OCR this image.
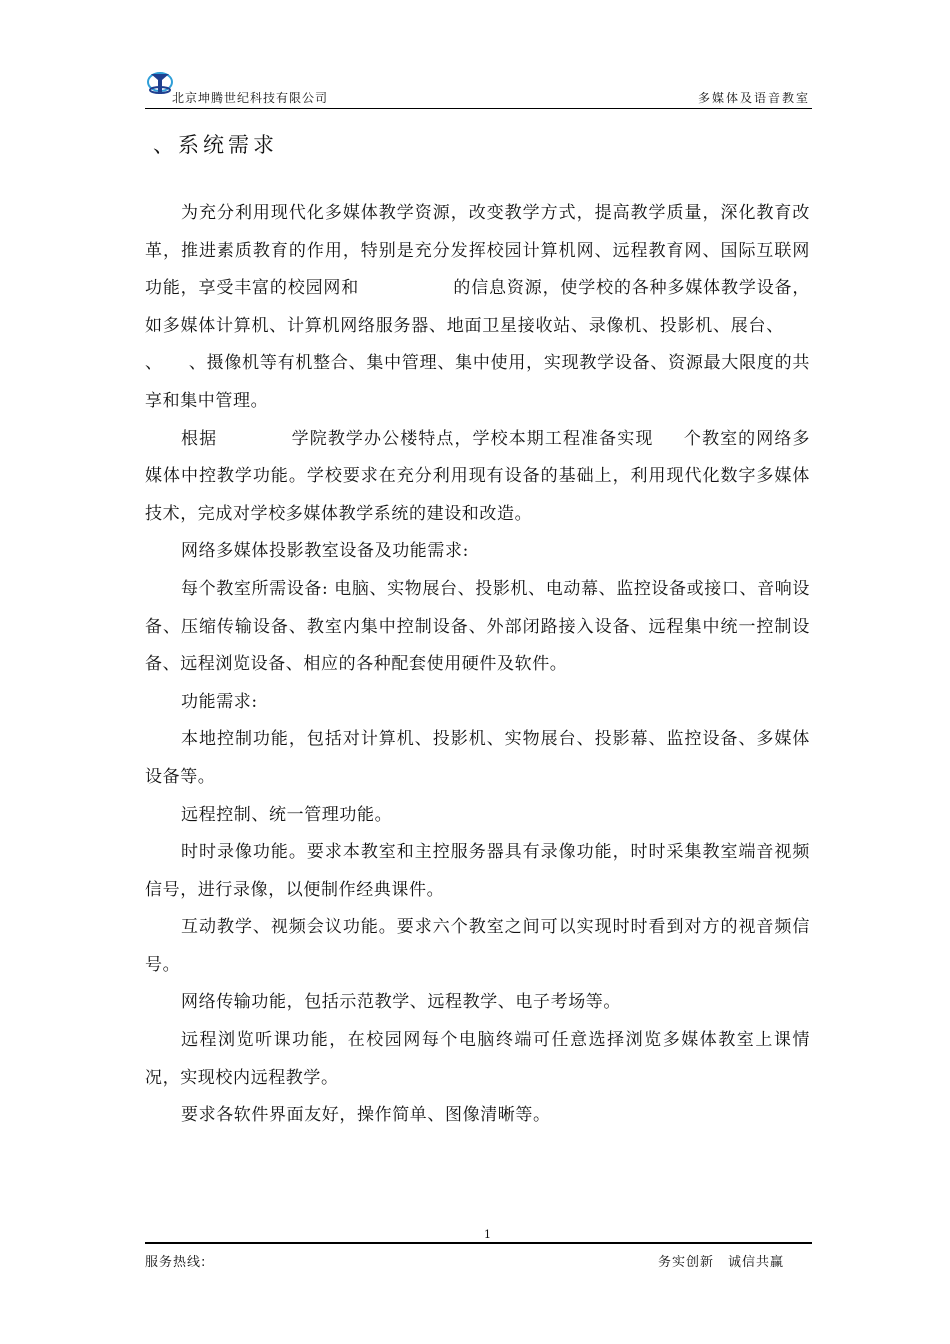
北京坤腾世纪科技有限公司	多媒体及语音教室
、系统需求

为充分利用现代化多媒体教学资源，改变教学方式，提高教学质量，深化教育改革，推进素质教育的作用，特别是充分发挥校园计算机网、远程教育网、国际互联网功能，享受丰富的校园网和	的信息资源，使学校的各种多媒体教学设备，如多媒体计算机、计算机网络服务器、地面卫星接收站、录像机、投影机、展台、、 、摄像机等有机整合、集中管理、集中使用，实现教学设备、资源最大限度的共享和集中管理。

根据	学院教学办公楼特点，学校本期工程准备实现 个教室的网络多媒体中控教学功能。学校要求在充分利用现有设备的基础上，利用现代化数字多媒体技术，完成对学校多媒体教学系统的建设和改造。

网络多媒体投影教室设备及功能需求:

每个教室所需设备: 电脑、实物展台、投影机、电动幕、监控设备或接口、音响设备、压缩传输设备、教室内集中控制设备、外部闭路接入设备、远程集中统一控制设备、远程浏览设备、相应的各种配套使用硬件及软件。

功能需求:

本地控制功能，包括对计算机、投影机、实物展台、投影幕、监控设备、多媒体设备等。

远程控制、统一管理功能。

时时录像功能。要求本教室和主控服务器具有录像功能，时时采集教室端音视频信号，进行录像，以便制作经典课件。

互动教学、视频会议功能。要求六个教室之间可以实现时时看到对方的视音频信号。

网络传输功能，包括示范教学、远程教学、电子考场等。

远程浏览听课功能，在校园网每个电脑终端可任意选择浏览多媒体教室上课情况，实现校内远程教学。

要求各软件界面友好，操作简单、图像清晰等。

1
服务热线:	务实创新　诚信共赢
